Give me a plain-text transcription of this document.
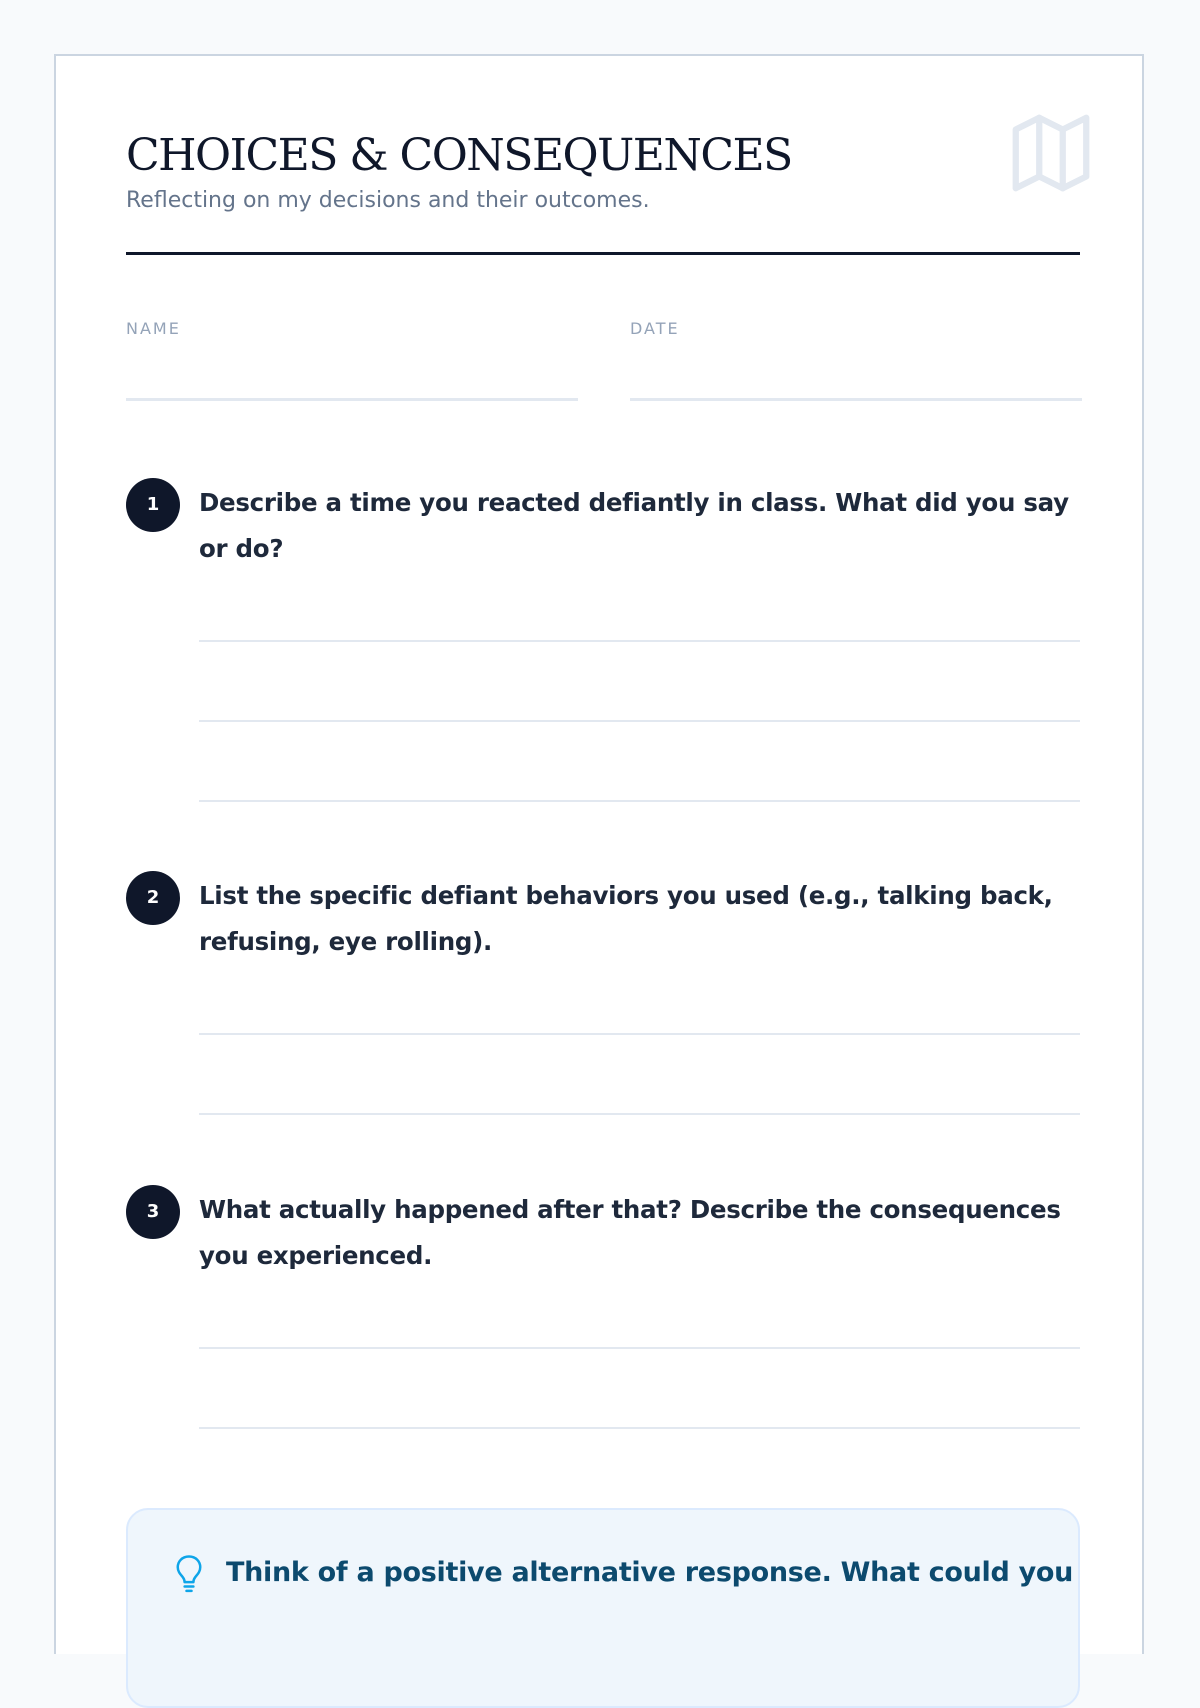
CHOICES & CONSEQUENCES
Reflecting on my decisions and their outcomes.
NAME	DATE
1	Describe a time you reacted defiantly in class. What did you say or do?
2	List the specific defiant behaviors you used (e.g., talking back, refusing, eye rolling).
3	What actually happened after that? Describe the consequences you experienced.
Think of a positive alternative response. What could you
